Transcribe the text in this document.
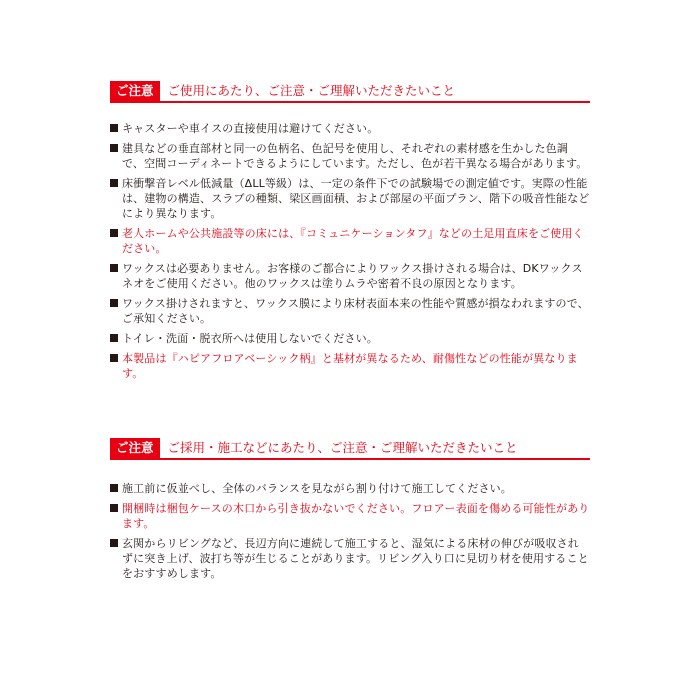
ご注意	ご使用にあたり、ご注意・ご理解いただきたいこと
キャスターや車イスの直接使用は避けてください。
建具などの垂直部材と同一の色柄名、色記号を使用し、それぞれの素材感を生かした色調で、空間コーディネートできるようにしています。ただし、色が若干異なる場合があります。
床衝撃音レベル低減量（ΔLL等級）は、一定の条件下での試験場での測定値です。実際の性能は、建物の構造、スラブの種類、梁区画面積、および部屋の平面プラン、階下の吸音性能などにより異なります。
老人ホームや公共施設等の床には、『コミュニケーションタフ』などの土足用直床をご使用ください。
ワックスは必要ありません。お客様のご都合によりワックス掛けされる場合は、DKワックスネオをご使用ください。他のワックスは塗りムラや密着不良の原因となります。
ワックス掛けされますと、ワックス膜により床材表面本来の性能や質感が損なわれますので、ご承知ください。
トイレ・洗面・脱衣所へは使用しないでください。
本製品は『ハピアフロアベーシック柄』と基材が異なるため、耐傷性などの性能が異なります。
ご注意	ご採用・施工などにあたり、ご注意・ご理解いただきたいこと
施工前に仮並べし、全体のバランスを見ながら割り付けて施工してください。
開梱時は梱包ケースの木口から引き抜かないでください。フロアー表面を傷める可能性があります。
玄関からリビングなど、長辺方向に連続して施工すると、湿気による床材の伸びが吸収されずに突き上げ、波打ち等が生じることがあります。リビング入り口に見切り材を使用することをおすすめします。
